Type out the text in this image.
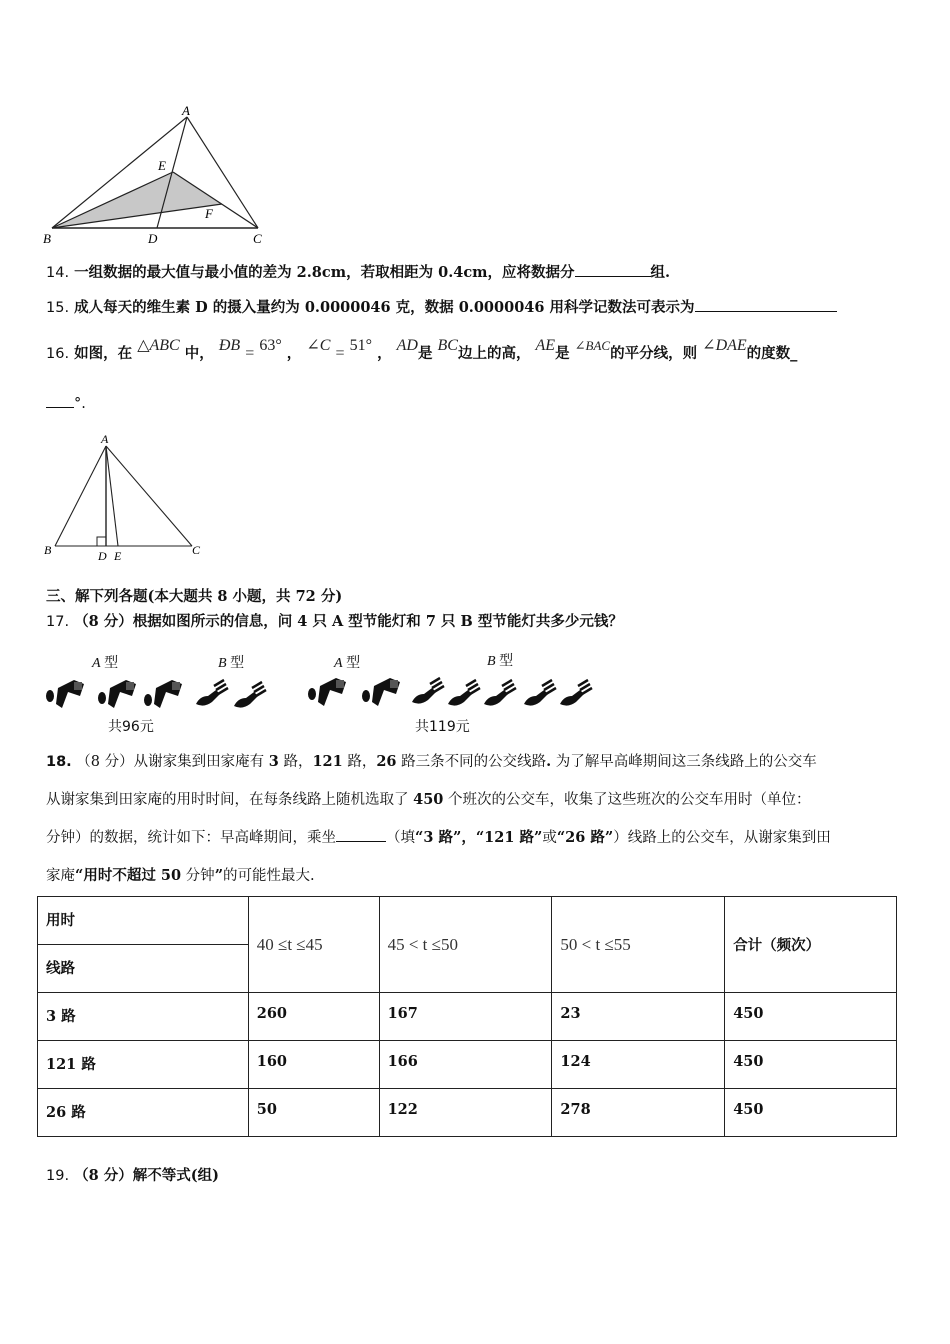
A
E
F
B	D	C
14. 一组数据的最大值与最小值的差为 2.8cm，若取相距为 0.4cm，应将数据分	组.
15. 成人每天的维生素 D 的摄入量约为 0.0000046 克，数据 0.0000046 用科学记数法可表示为
16. 如图，在 △ABC 中， ÐB = 63° ， ∠C = 51° ， AD是 BC边上的高， AE是 ∠BAC的平分线，则 ∠DAE的度数_
°.
A
B	D E	C
三、解下列各题(本大题共 8 小题，共 72 分)
17. （8 分）根据如图所示的信息，问 4 只 A 型节能灯和 7 只 B 型节能灯共多少元钱？
A 型	B 型
共96元
A 型	B 型
共119元
18. （8 分）从谢家集到田家庵有 3 路，121 路，26 路三条不同的公交线路. 为了解早高峰期间这三条线路上的公交车
从谢家集到田家庵的用时时间，在每条线路上随机选取了 450 个班次的公交车，收集了这些班次的公交车用时（单位：
分钟）的数据，统计如下：早高峰期间，乘坐	（填“3 路”，“121 路”或“26 路”）线路上的公交车，从谢家集到田
家庵“用时不超过 50 分钟”的可能性最大.
用时	40 ≤t ≤45	45 < t ≤50	50 < t ≤55	合计（频次）
线路				
3 路	260	167	23	450
121 路	160	166	124	450
26 路	50	122	278	450
19. （8 分）解不等式(组)
